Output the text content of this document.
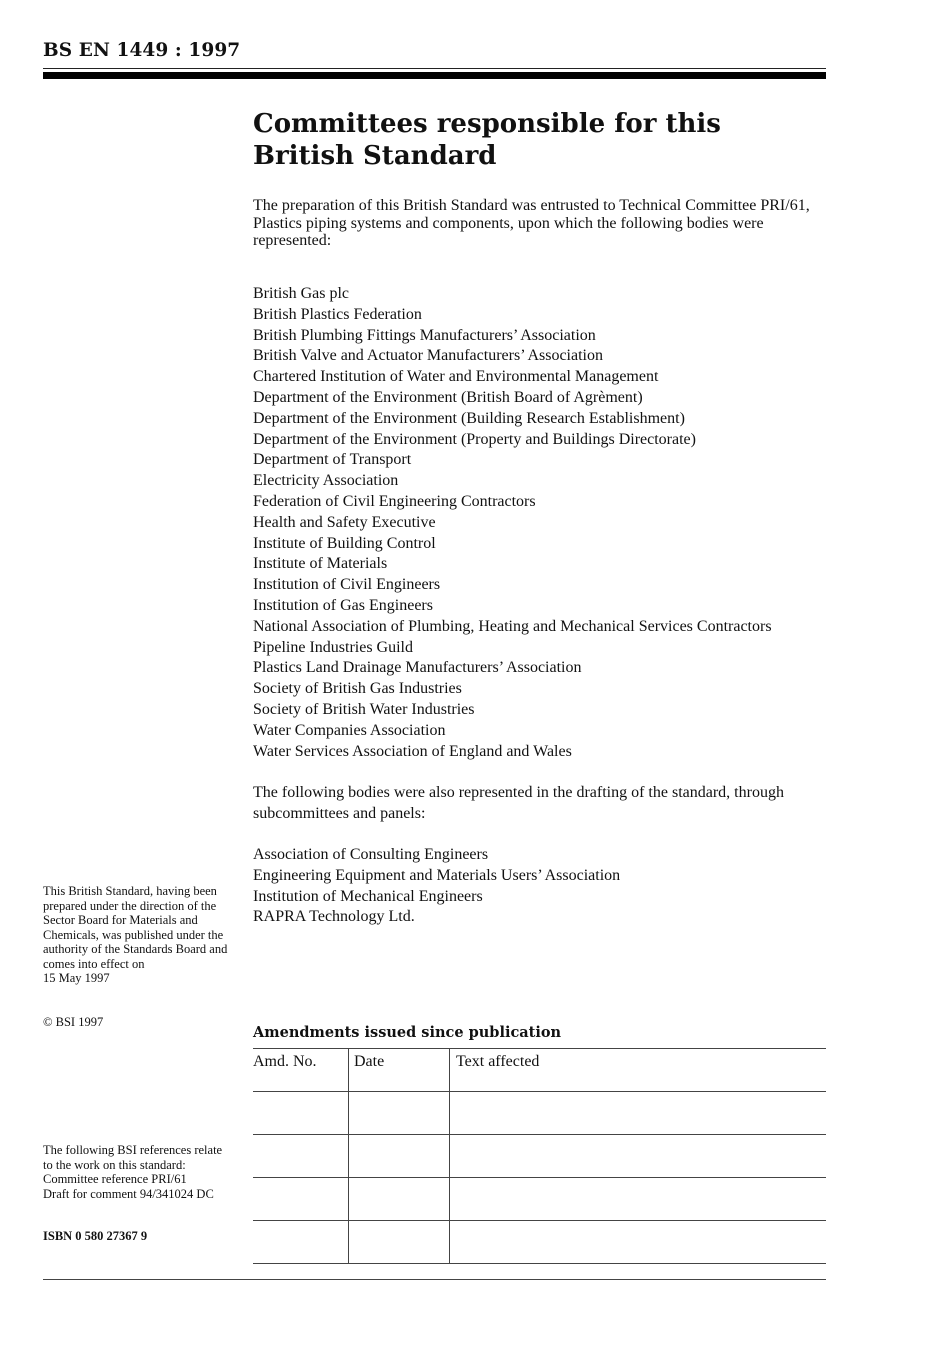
BS EN 1449 : 1997
Committees responsible for this
British Standard
The preparation of this British Standard was entrusted to Technical Committee PRI/61, Plastics piping systems and components, upon which the following bodies were represented:
British Gas plc
British Plastics Federation
British Plumbing Fittings Manufacturers’ Association
British Valve and Actuator Manufacturers’ Association
Chartered Institution of Water and Environmental Management
Department of the Environment (British Board of Agrèment)
Department of the Environment (Building Research Establishment)
Department of the Environment (Property and Buildings Directorate)
Department of Transport
Electricity Association
Federation of Civil Engineering Contractors
Health and Safety Executive
Institute of Building Control
Institute of Materials
Institution of Civil Engineers
Institution of Gas Engineers
National Association of Plumbing, Heating and Mechanical Services Contractors
Pipeline Industries Guild
Plastics Land Drainage Manufacturers’ Association
Society of British Gas Industries
Society of British Water Industries
Water Companies Association
Water Services Association of England and Wales
The following bodies were also represented in the drafting of the standard, through subcommittees and panels:
Association of Consulting Engineers
Engineering Equipment and Materials Users’ Association
Institution of Mechanical Engineers
RAPRA Technology Ltd.
This British Standard, having been prepared under the direction of the Sector Board for Materials and Chemicals, was published under the authority of the Standards Board and comes into effect on
15 May 1997
© BSI 1997
The following BSI references relate to the work on this standard:
Committee reference PRI/61
Draft for comment 94/341024 DC
ISBN 0 580 27367 9
Amendments issued since publication
Amd. No.	Date	Text affected
